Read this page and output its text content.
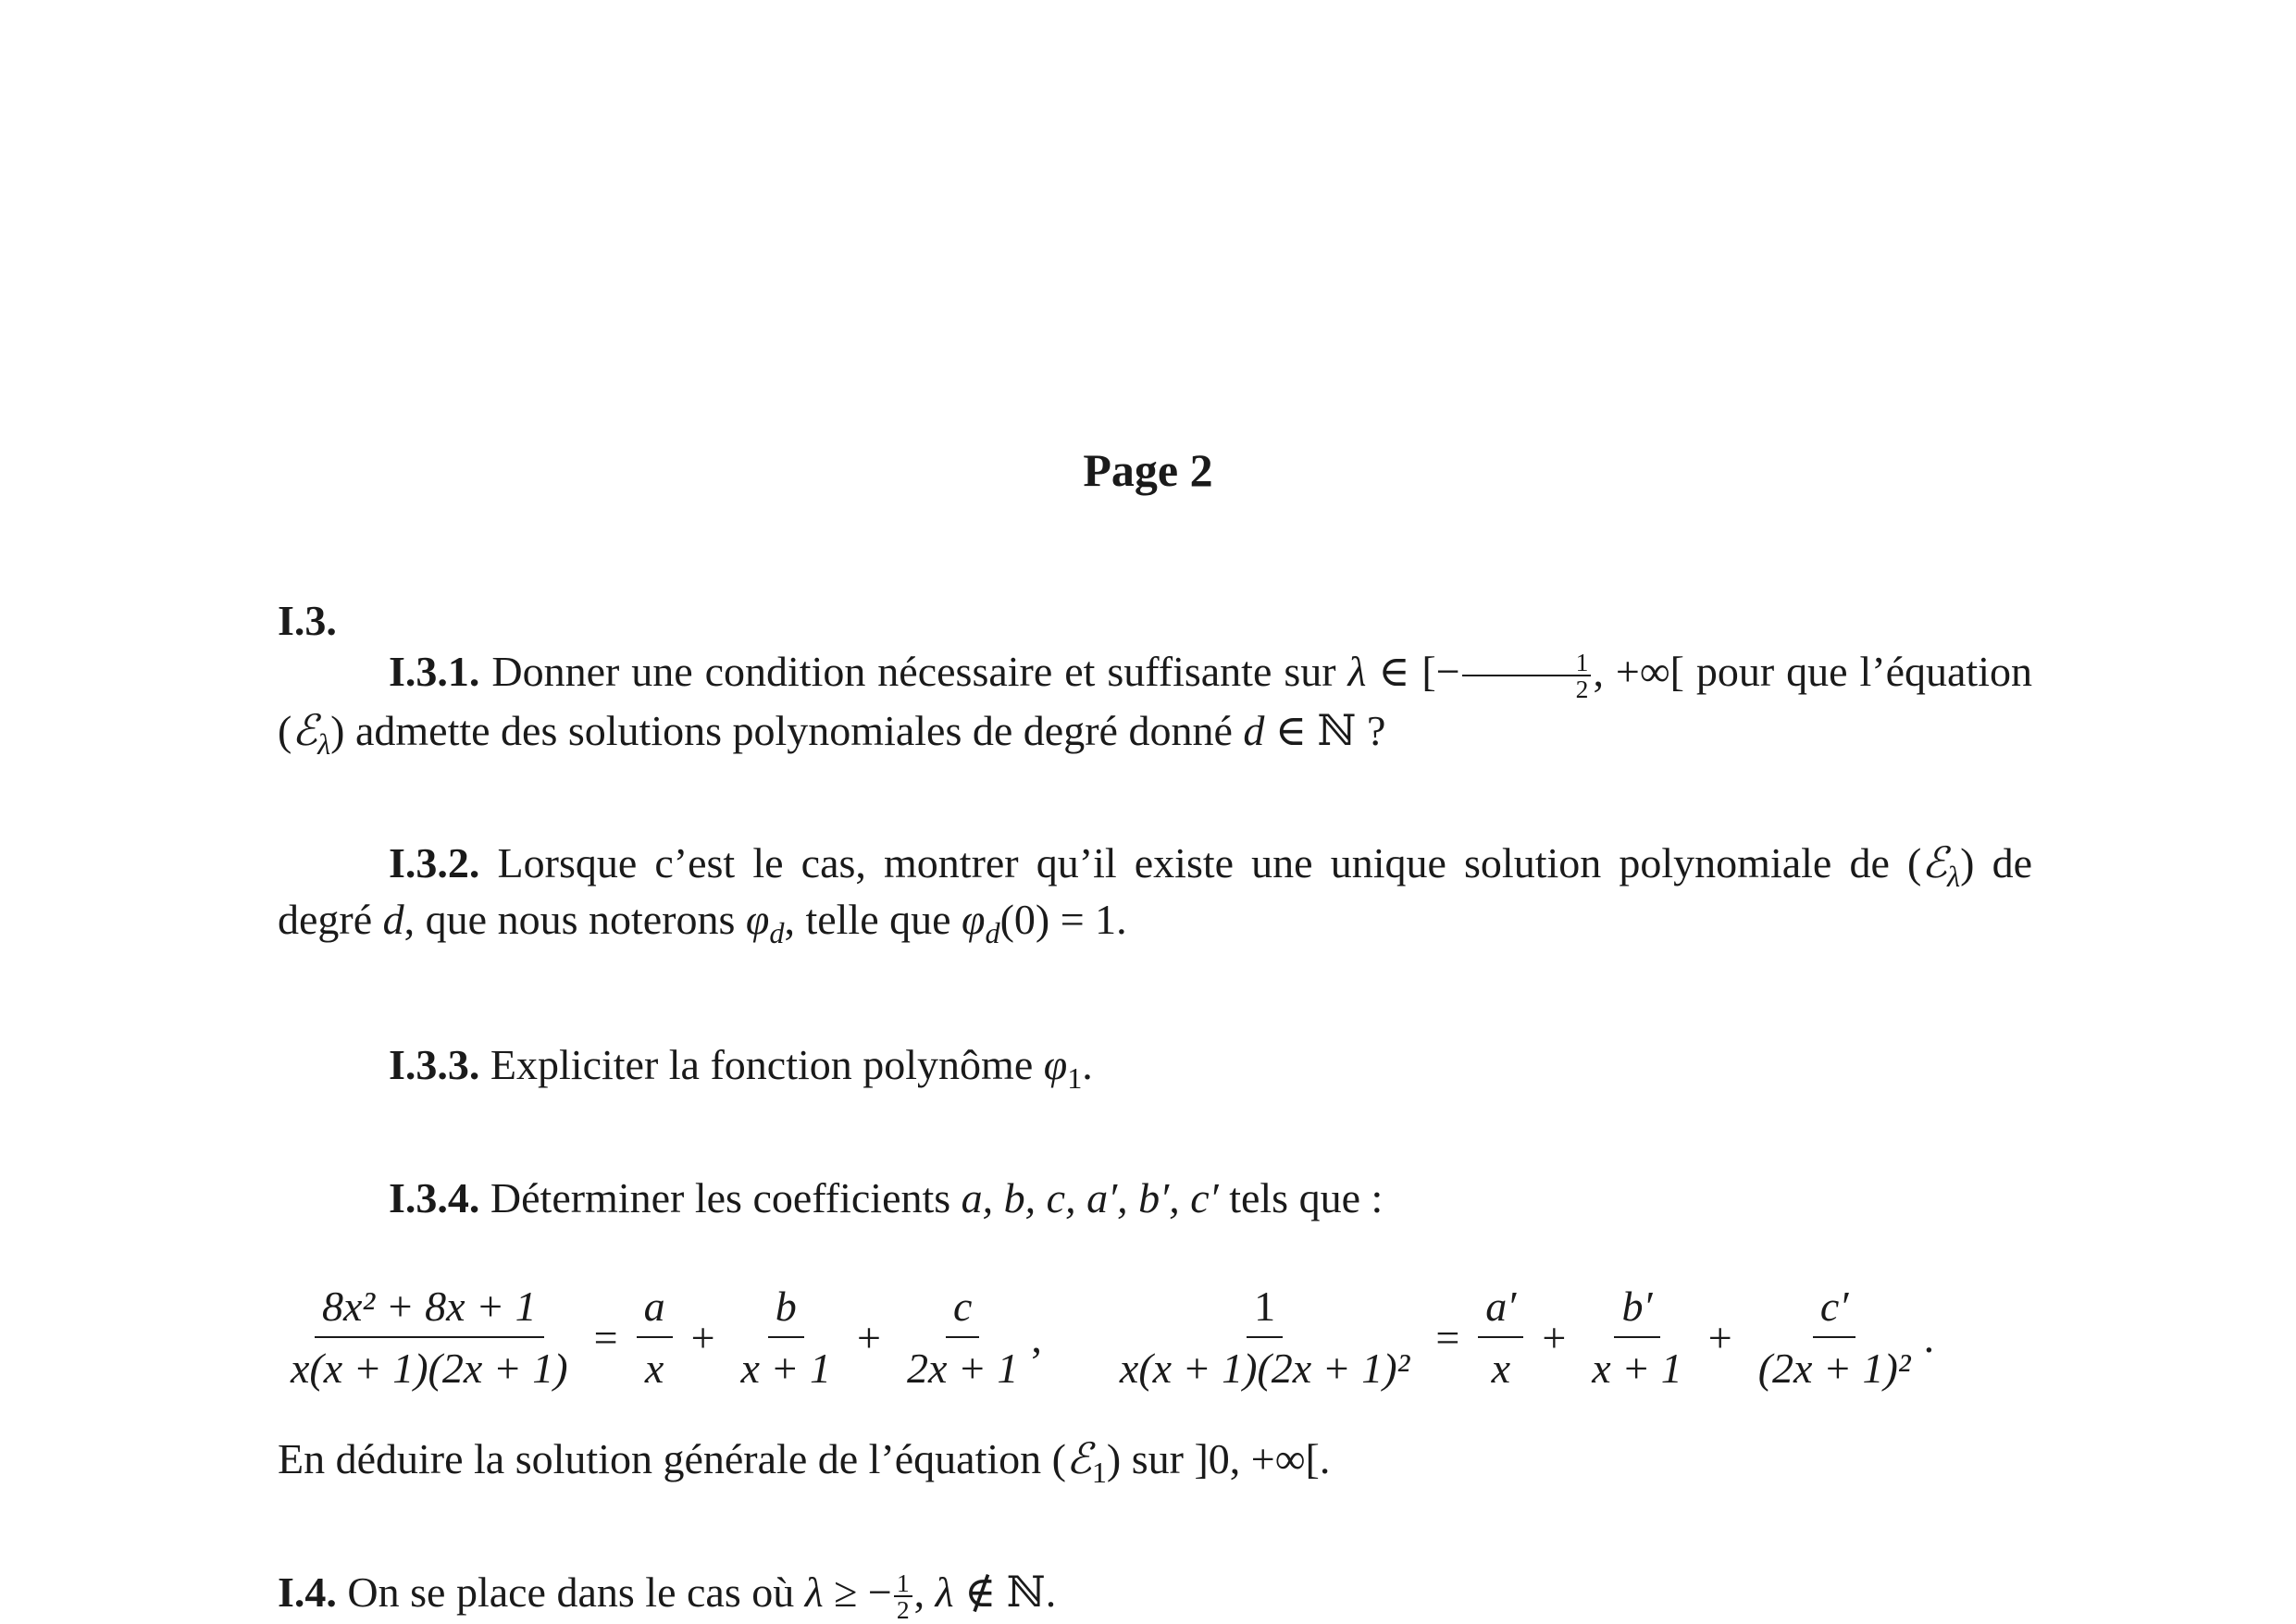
Page 2
I.3.
I.3.1. Donner une condition nécessaire et suffisante sur λ ∈ [− $\frac{1}{2}$ , +∞[ pour que l’équation (ℰ$_\lambda$) admette des solutions polynomiales de degré donné d ∈ ℕ ?
I.3.2. Lorsque c’est le cas, montrer qu’il existe une unique solution polynomiale de (ℰ$_\lambda$) de degré d, que nous noterons $\varphi_d$, telle que $\varphi_d(0) = 1$.
I.3.3. Expliciter la fonction polynôme $\varphi_1$.
I.3.4. Déterminer les coefficients a, b, c, a′, b′, c′ tels que :
$\frac{\text{8x² + 8x + 1}}{x(x + 1)(2x + 1)} = \frac{a}{x} + \frac{b}{x + 1} + \frac{c}{2x + 1}$ , $\frac{1}{\text{x(x + 1)(2x + 1)²}} = \frac{a'}{x} + \frac{b'}{x + 1} + \frac{c'}{\text{(2x + 1)²}}$ .
En déduire la solution générale de l’équation (ℰ$_1$) sur ]0, +∞[.
I.4. On se place dans le cas où λ ≥ − $\frac{1}{2}$ , λ ∉ ℕ.
